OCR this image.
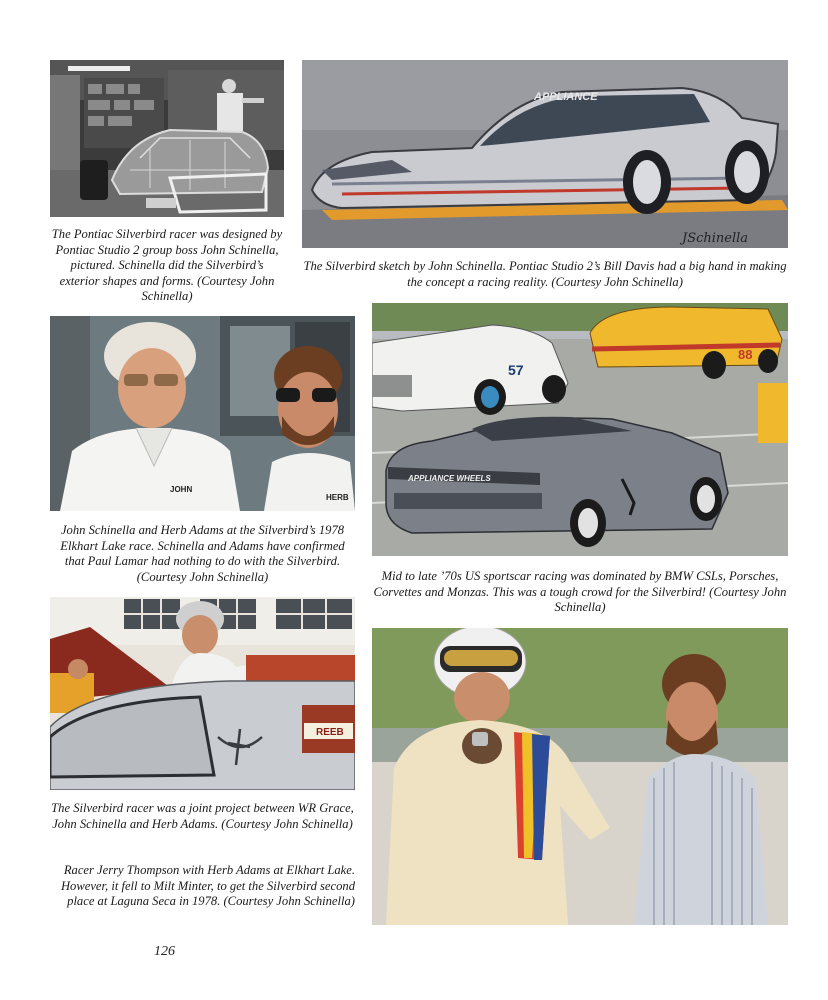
The Pontiac Silverbird racer was designed by Pontiac Studio 2 group boss John Schinella, pictured. Schinella did the Silverbird’s exterior shapes and forms. (Courtesy John Schinella)
APPLIANCE
JSchinella
The Silverbird sketch by John Schinella. Pontiac Studio 2’s Bill Davis had a big hand in making the concept a racing reality. (Courtesy John Schinella)
JOHN
HERB
John Schinella and Herb Adams at the Silverbird’s 1978 Elkhart Lake race. Schinella and Adams have confirmed that Paul Lamar had nothing to do with the Silverbird. (Courtesy John Schinella)
57
88
APPLIANCE WHEELS
Mid to late ’70s US sportscar racing was dominated by BMW CSLs, Porsches, Corvettes and Monzas. This was a tough crowd for the Silverbird! (Courtesy John Schinella)
REEB
The Silverbird racer was a joint project between WR Grace, John Schinella and Herb Adams. (Courtesy John Schinella)
Racer Jerry Thompson with Herb Adams at Elkhart Lake. However, it fell to Milt Minter, to get the Silverbird second place at Laguna Seca in 1978. (Courtesy John Schinella)
126
